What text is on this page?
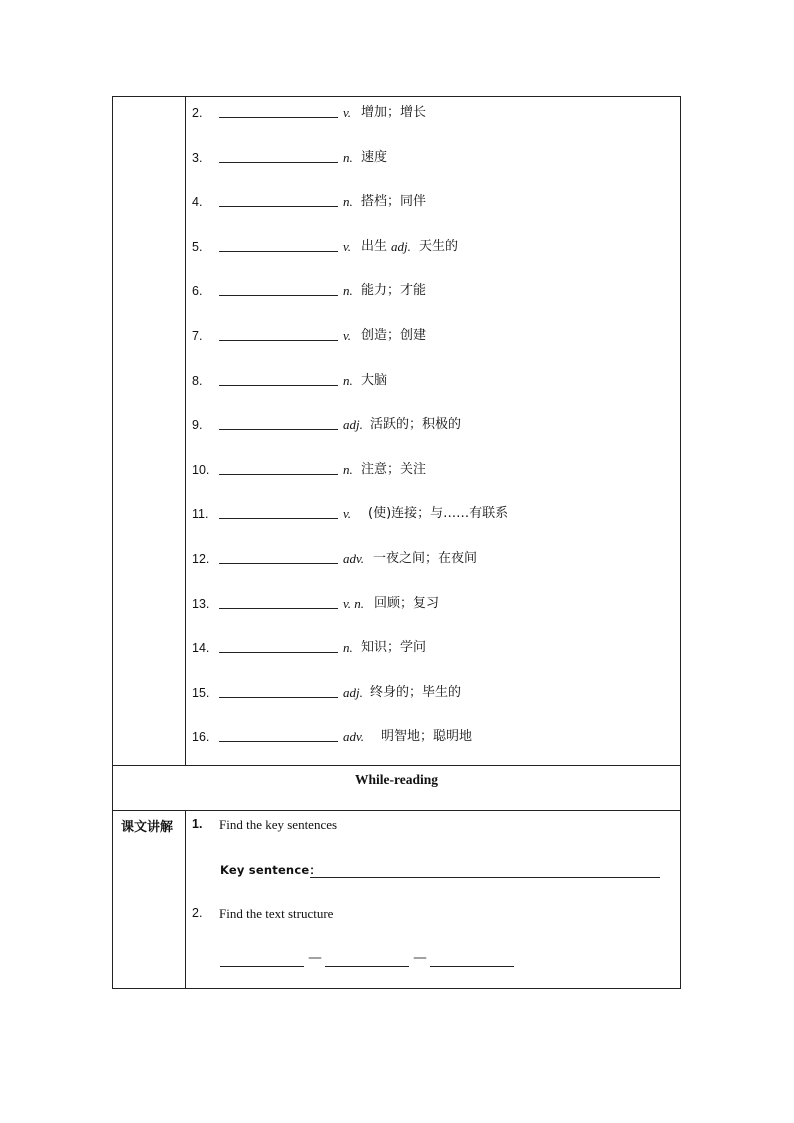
2.	v. 增加；增长
3.	n. 速度
4.	n. 搭档；同伴
5.	v. 出生 adj. 天生的
6.	n. 能力；才能
7.	v. 创造；创建
8.	n. 大脑
9.	adj. 活跃的；积极的
10.	n. 注意；关注
11.	v. (使)连接；与……有联系
12.	adv. 一夜之间；在夜间
13.	v. n. 回顾；复习
14.	n. 知识；学问
15.	adj. 终身的；毕生的
16.	adv. 明智地；聪明地
While-reading
课文讲解 1. Find the key sentences
Key sentence：
2. Find the text structure
—	—
